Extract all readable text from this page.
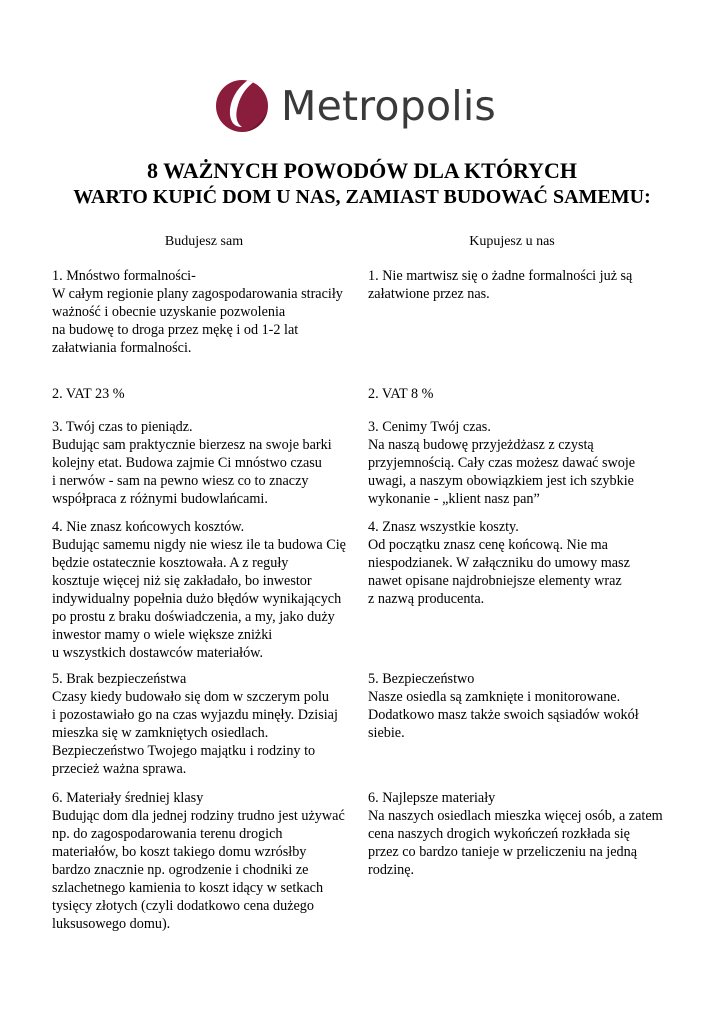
Metropolis
8 WAŻNYCH POWODÓW DLA KTÓRYCH
WARTO KUPIĆ DOM U NAS, ZAMIAST BUDOWAĆ SAMEMU:
Budujesz sam	Kupujesz u nas
1. Mnóstwo formalności-
W całym regionie plany zagospodarowania straciły
ważność i obecnie uzyskanie pozwolenia
na budowę to droga przez mękę i od 1-2 lat
załatwiania formalności.
1. Nie martwisz się o żadne formalności już są
załatwione przez nas.
2. VAT 23 %	2. VAT 8 %
3. Twój czas to pieniądz.
Budując sam praktycznie bierzesz na swoje barki
kolejny etat. Budowa zajmie Ci mnóstwo czasu
i nerwów - sam na pewno wiesz co to znaczy
współpraca z różnymi budowlańcami.
3. Cenimy Twój czas.
Na naszą budowę przyjeżdżasz z czystą
przyjemnością. Cały czas możesz dawać swoje
uwagi, a naszym obowiązkiem jest ich szybkie
wykonanie - „klient nasz pan”
4. Nie znasz końcowych kosztów.
Budując samemu nigdy nie wiesz ile ta budowa Cię
będzie ostatecznie kosztowała. A z reguły
kosztuje więcej niż się zakładało, bo inwestor
indywidualny popełnia dużo błędów wynikających
po prostu z braku doświadczenia, a my, jako duży
inwestor mamy o wiele większe zniżki
u wszystkich dostawców materiałów.
4. Znasz wszystkie koszty.
Od początku znasz cenę końcową. Nie ma
niespodzianek. W załączniku do umowy masz
nawet opisane najdrobniejsze elementy wraz
z nazwą producenta.
5. Brak bezpieczeństwa
Czasy kiedy budowało się dom w szczerym polu
i pozostawiało go na czas wyjazdu minęły. Dzisiaj
mieszka się w zamkniętych osiedlach.
Bezpieczeństwo Twojego majątku i rodziny to
przecież ważna sprawa.
5. Bezpieczeństwo
Nasze osiedla są zamknięte i monitorowane.
Dodatkowo masz także swoich sąsiadów wokół
siebie.
6. Materiały średniej klasy
Budując dom dla jednej rodziny trudno jest używać
np. do zagospodarowania terenu drogich
materiałów, bo koszt takiego domu wzrósłby
bardzo znacznie np. ogrodzenie i chodniki ze
szlachetnego kamienia to koszt idący w setkach
tysięcy złotych (czyli dodatkowo cena dużego
luksusowego domu).
6. Najlepsze materiały
Na naszych osiedlach mieszka więcej osób, a zatem
cena naszych drogich wykończeń rozkłada się
przez co bardzo tanieje w przeliczeniu na jedną
rodzinę.
